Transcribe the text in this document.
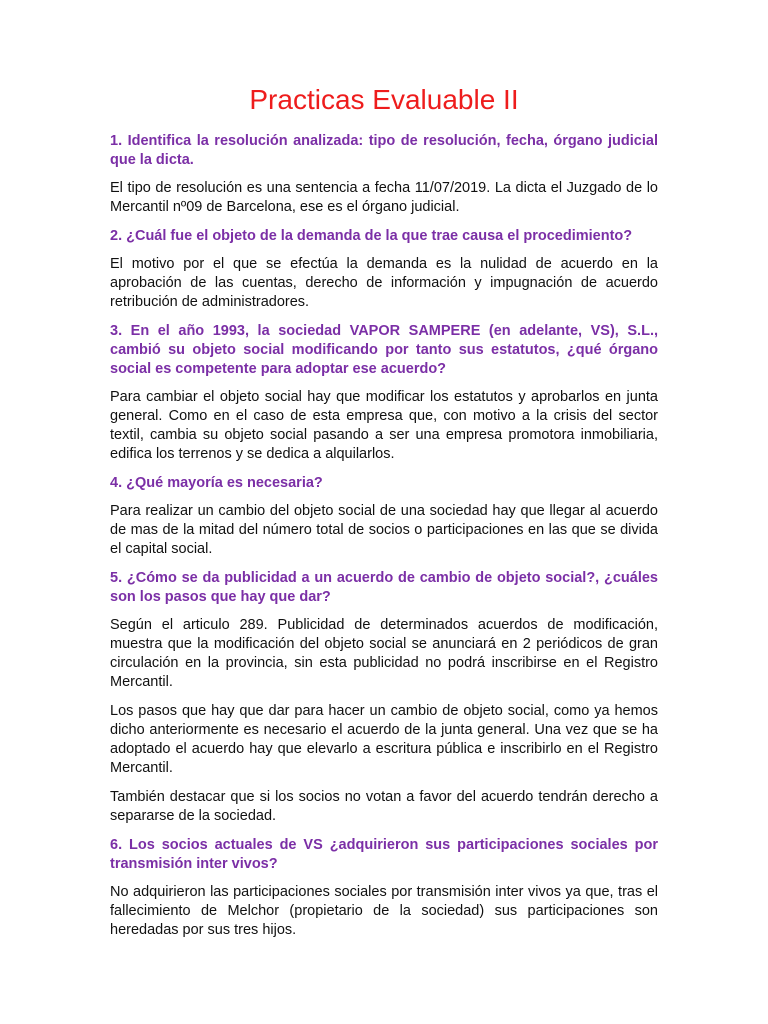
Practicas Evaluable II

1. Identifica la resolución analizada: tipo de resolución, fecha, órgano judicial que la dicta.

El tipo de resolución es una sentencia a fecha 11/07/2019. La dicta el Juzgado de lo Mercantil nº09 de Barcelona, ese es el órgano judicial.

2. ¿Cuál fue el objeto de la demanda de la que trae causa el procedimiento?

El motivo por el que se efectúa la demanda es la nulidad de acuerdo en la aprobación de las cuentas, derecho de información y impugnación de acuerdo retribución de administradores.

3. En el año 1993, la sociedad VAPOR SAMPERE (en adelante, VS), S.L., cambió su objeto social modificando por tanto sus estatutos, ¿qué órgano social es competente para adoptar ese acuerdo?

Para cambiar el objeto social hay que modificar los estatutos y aprobarlos en junta general. Como en el caso de esta empresa que, con motivo a la crisis del sector textil, cambia su objeto social pasando a ser una empresa promotora inmobiliaria, edifica los terrenos y se dedica a alquilarlos.

4. ¿Qué mayoría es necesaria?

Para realizar un cambio del objeto social de una sociedad hay que llegar al acuerdo de mas de la mitad del número total de socios o participaciones en las que se divida el capital social.

5. ¿Cómo se da publicidad a un acuerdo de cambio de objeto social?, ¿cuáles son los pasos que hay que dar?

Según el articulo 289. Publicidad de determinados acuerdos de modificación, muestra que la modificación del objeto social se anunciará en 2 periódicos de gran circulación en la provincia, sin esta publicidad no podrá inscribirse en el Registro Mercantil.

Los pasos que hay que dar para hacer un cambio de objeto social, como ya hemos dicho anteriormente es necesario el acuerdo de la junta general. Una vez que se ha adoptado el acuerdo hay que elevarlo a escritura pública e inscribirlo en el Registro Mercantil.

También destacar que si los socios no votan a favor del acuerdo tendrán derecho a separarse de la sociedad.

6. Los socios actuales de VS ¿adquirieron sus participaciones sociales por transmisión inter vivos?

No adquirieron las participaciones sociales por transmisión inter vivos ya que, tras el fallecimiento de Melchor (propietario de la sociedad) sus participaciones son heredadas por sus tres hijos.
